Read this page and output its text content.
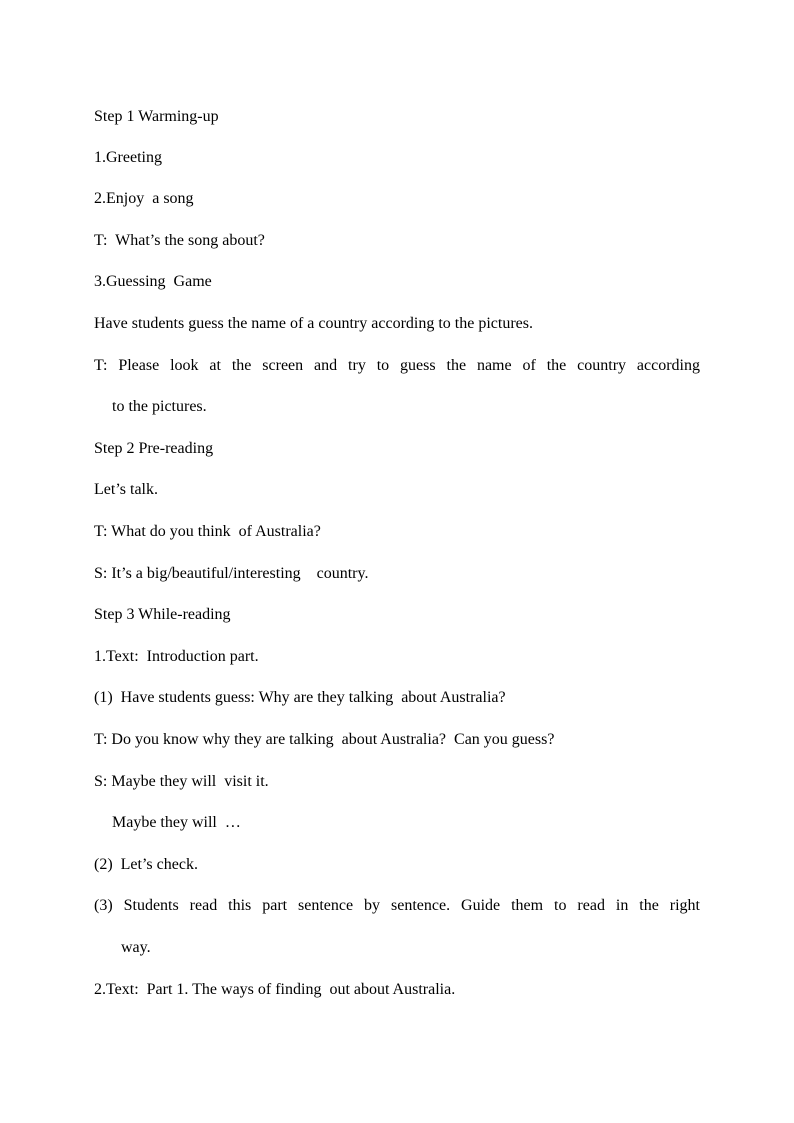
Step 1 Warming-up
1.Greeting
2.Enjoy  a song
T:  What’s the song about?
3.Guessing  Game
Have students guess the name of a country according to the pictures.
T: Please look at the screen and try to guess the name of the country according
to the pictures.
Step 2 Pre-reading
Let’s talk.
T: What do you think  of Australia?
S: It’s a big/beautiful/interesting    country.
Step 3 While-reading
1.Text:  Introduction part.
(1)  Have students guess: Why are they talking  about Australia?
T: Do you know why they are talking  about Australia?  Can you guess?
S: Maybe they will  visit it.
Maybe they will  …
(2)  Let’s check.
(3) Students read this part sentence by sentence. Guide them to read in the right
way.
2.Text:  Part 1. The ways of finding  out about Australia.
